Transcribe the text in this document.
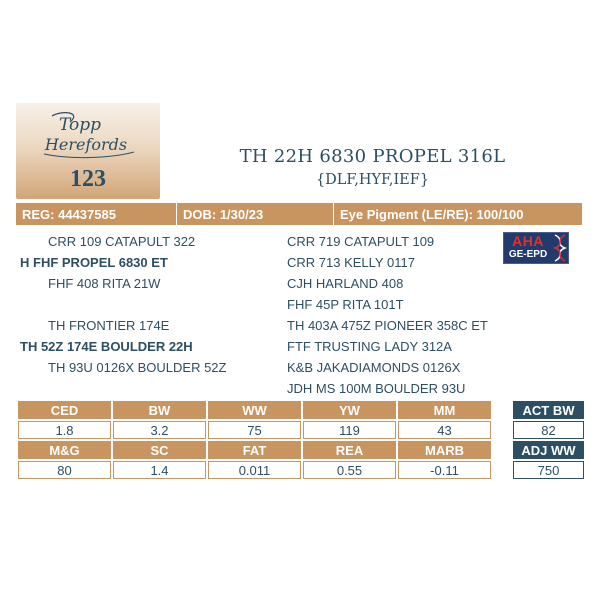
Topp
Herefords
123
TH 22H 6830 PROPEL 316L
{DLF,HYF,IEF}
REG: 44437585	DOB: 1/30/23	Eye Pigment (LE/RE): 100/100
CRR 109 CATAPULT 322
H FHF PROPEL 6830 ET
FHF 408 RITA 21W
TH FRONTIER 174E
TH 52Z 174E BOULDER 22H
TH 93U 0126X BOULDER 52Z
CRR 719 CATAPULT 109
CRR 713 KELLY 0117
CJH HARLAND 408
FHF 45P RITA 101T
TH 403A 475Z PIONEER 358C ET
FTF TRUSTING LADY 312A
K&B JAKADIAMONDS 0126X
JDH MS 100M BOULDER 93U
AHA
GE-EPD
CED	BW	WW	YW	MM
1.8	3.2	75	119	43
M&G	SC	FAT	REA	MARB
80	1.4	0.011	0.55	-0.11
ACT BW
82
ADJ WW
750
